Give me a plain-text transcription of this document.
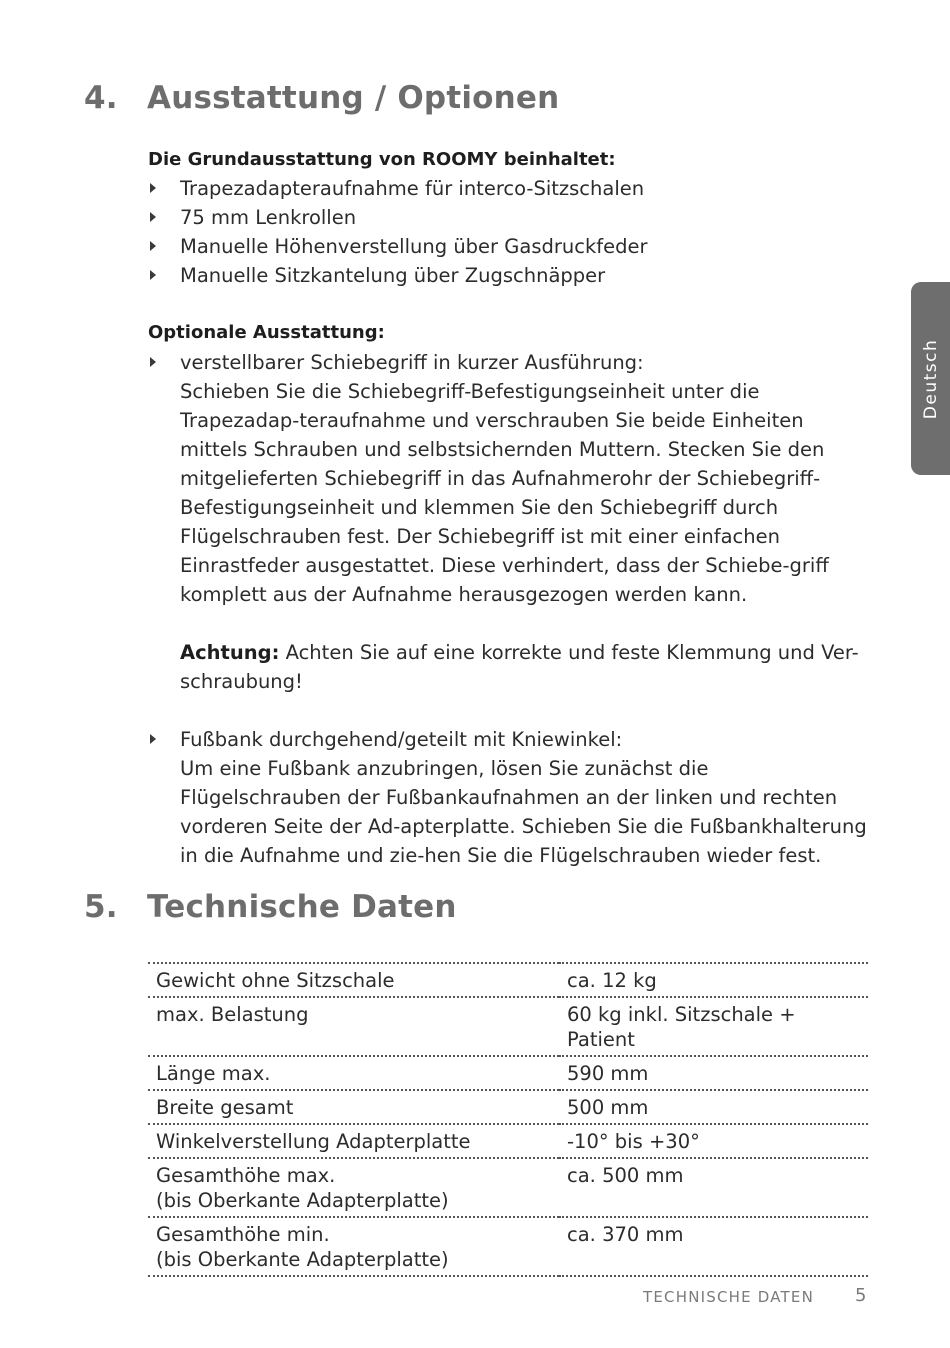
4. Ausstattung / Optionen

Die Grundausstattung von ROOMY beinhaltet:

Trapezadapteraufnahme für interco-Sitzschalen
75 mm Lenkrollen
Manuelle Höhenverstellung über Gasdruckfeder
Manuelle Sitzkantelung über Zugschnäpper

Optionale Ausstattung:

verstellbarer Schiebegriff in kurzer Ausführung:

Schieben Sie die Schiebegriff-Befestigungseinheit unter die Trapezadap-teraufnahme und verschrauben Sie beide Einheiten mittels Schrauben und selbstsichernden Muttern. Stecken Sie den mitgelieferten Schiebegriff in das Aufnahmerohr der Schiebegriff-Befestigungseinheit und klemmen Sie den Schiebegriff durch Flügelschrauben fest. Der Schiebegriff ist mit einer einfachen Einrastfeder ausgestattet. Diese verhindert, dass der Schiebe-griff komplett aus der Aufnahme herausgezogen werden kann.

Achtung: Achten Sie auf eine korrekte und feste Klemmung und Ver-schraubung!

Fußbank durchgehend/geteilt mit Kniewinkel:

Um eine Fußbank anzubringen, lösen Sie zunächst die Flügelschrauben der Fußbankaufnahmen an der linken und rechten vorderen Seite der Ad-apterplatte. Schieben Sie die Fußbankhalterung in die Aufnahme und zie-hen Sie die Flügelschrauben wieder fest.

5. Technische Daten
Gewicht ohne Sitzschale	ca. 12 kg
max. Belastung	60 kg inkl. Sitzschale + Patient
Länge max.	590 mm
Breite gesamt	500 mm
Winkelverstellung Adapterplatte	-10° bis +30°

Gesamthöhe max.
(bis Oberkante Adapterplatte)	ca. 500 mm

Gesamthöhe min.
(bis Oberkante Adapterplatte)	ca. 370 mm
Deutsch
TECHNISCHE DATEN 5
